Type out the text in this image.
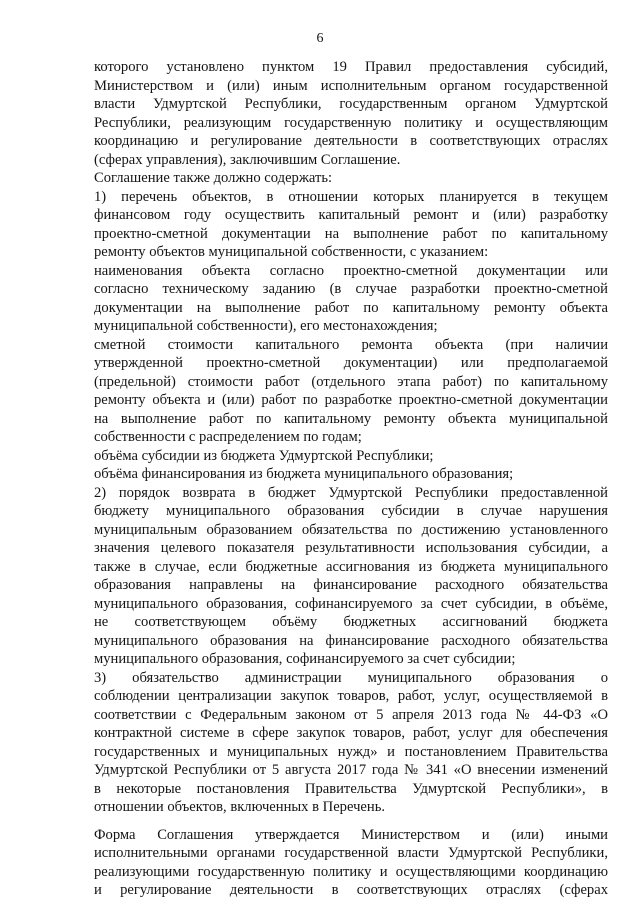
6

которого установлено пунктом 19 Правил предоставления субсидий,
Министерством и (или) иным исполнительным органом государственной
власти Удмуртской Республики, государственным органом Удмуртской
Республики, реализующим государственную политику и осуществляющим
координацию и регулирование деятельности в соответствующих отраслях

(сферах управления), заключившим Соглашение.

Соглашение также должно содержать:

1) перечень объектов, в отношении которых планируется в текущем
финансовом году осуществить капитальный ремонт и (или) разработку
проектно-сметной документации на выполнение работ по капитальному

ремонту объектов муниципальной собственности, с указанием:

наименования объекта согласно проектно-сметной документации или
согласно техническому заданию (в случае разработки проектно-сметной
документации на выполнение работ по капитальному ремонту объекта

муниципальной собственности), его местонахождения;

сметной стоимости капитального ремонта объекта (при наличии
утвержденной проектно-сметной документации) или предполагаемой
(предельной) стоимости работ (отдельного этапа работ) по капитальному
ремонту объекта и (или) работ по разработке проектно-сметной документации
на выполнение работ по капитальному ремонту объекта муниципальной

собственности с распределением по годам;

объёма субсидии из бюджета Удмуртской Республики;

объёма финансирования из бюджета муниципального образования;

2) порядок возврата в бюджет Удмуртской Республики предоставленной
бюджету муниципального образования субсидии в случае нарушения
муниципальным образованием обязательства по достижению установленного
значения целевого показателя результативности использования субсидии, а
также в случае, если бюджетные ассигнования из бюджета муниципального
образования направлены на финансирование расходного обязательства
муниципального образования, софинансируемого за счет субсидии, в объёме,
не соответствующем объёму бюджетных ассигнований бюджета
муниципального образования на финансирование расходного обязательства

муниципального образования, софинансируемого за счет субсидии;

3) обязательство администрации муниципального образования о
соблюдении централизации закупок товаров, работ, услуг, осуществляемой в
соответствии с Федеральным законом от 5 апреля 2013 года № 44-ФЗ «О
контрактной системе в сфере закупок товаров, работ, услуг для обеспечения
государственных и муниципальных нужд» и постановлением Правительства
Удмуртской Республики от 5 августа 2017 года № 341 «О внесении изменений
в некоторые постановления Правительства Удмуртской Республики», в

отношении объектов, включенных в Перечень.

Форма Соглашения утверждается Министерством и (или) иными
исполнительными органами государственной власти Удмуртской Республики,
реализующими государственную политику и осуществляющими координацию
и регулирование деятельности в соответствующих отраслях (сферах
